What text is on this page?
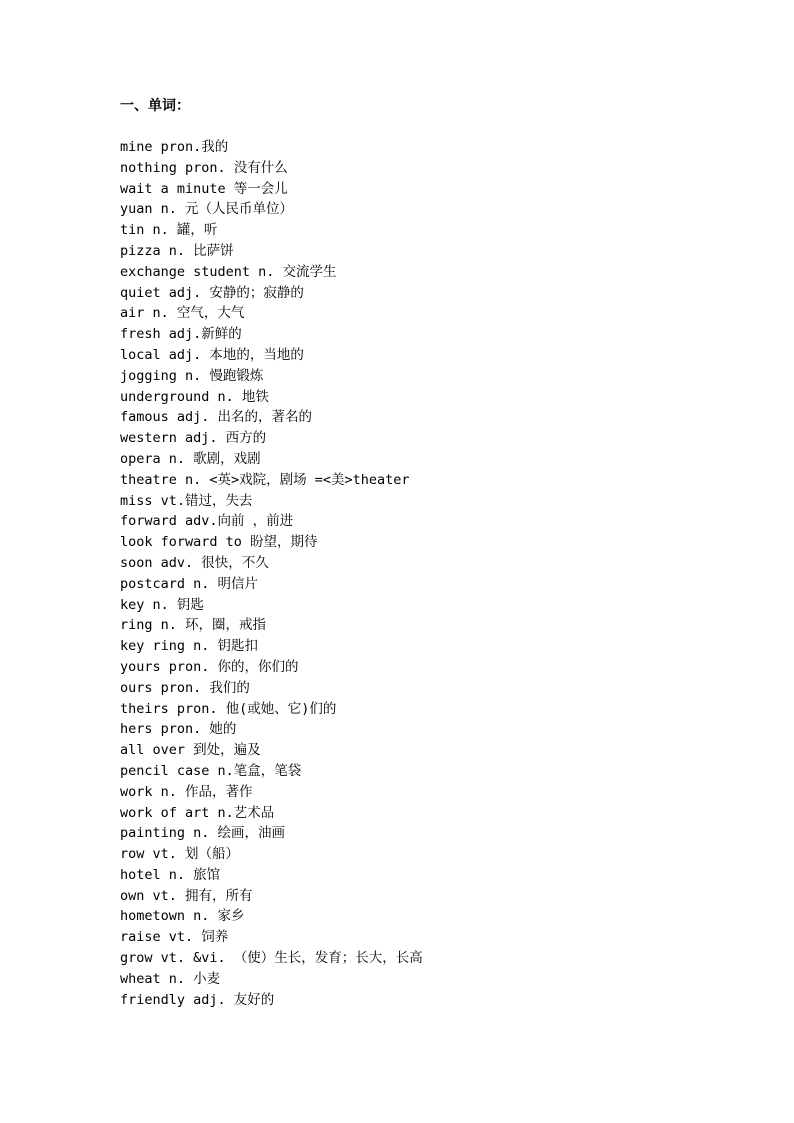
一、单词：
mine pron.我的
nothing pron. 没有什么
wait a minute 等一会儿
yuan n. 元（人民币单位）
tin n. 罐，听
pizza n. 比萨饼
exchange student n. 交流学生
quiet adj. 安静的；寂静的
air n. 空气，大气
fresh adj.新鲜的
local adj. 本地的，当地的
jogging n. 慢跑锻炼
underground n. 地铁
famous adj. 出名的，著名的
western adj. 西方的
opera n. 歌剧，戏剧
theatre n. <英>戏院，剧场 =<美>theater
miss vt.错过，失去
forward adv.向前 ，前进
look forward to 盼望，期待
soon adv. 很快，不久
postcard n. 明信片
key n. 钥匙
ring n. 环，圈，戒指
key ring n. 钥匙扣
yours pron. 你的，你们的
ours pron. 我们的
theirs pron. 他(或她、它)们的
hers pron. 她的
all over 到处，遍及
pencil case n.笔盒，笔袋
work n. 作品，著作
work of art n.艺术品
painting n. 绘画，油画
row vt. 划（船）
hotel n. 旅馆
own vt. 拥有，所有
hometown n. 家乡
raise vt. 饲养
grow vt. &vi. （使）生长，发育；长大，长高
wheat n. 小麦
friendly adj. 友好的
